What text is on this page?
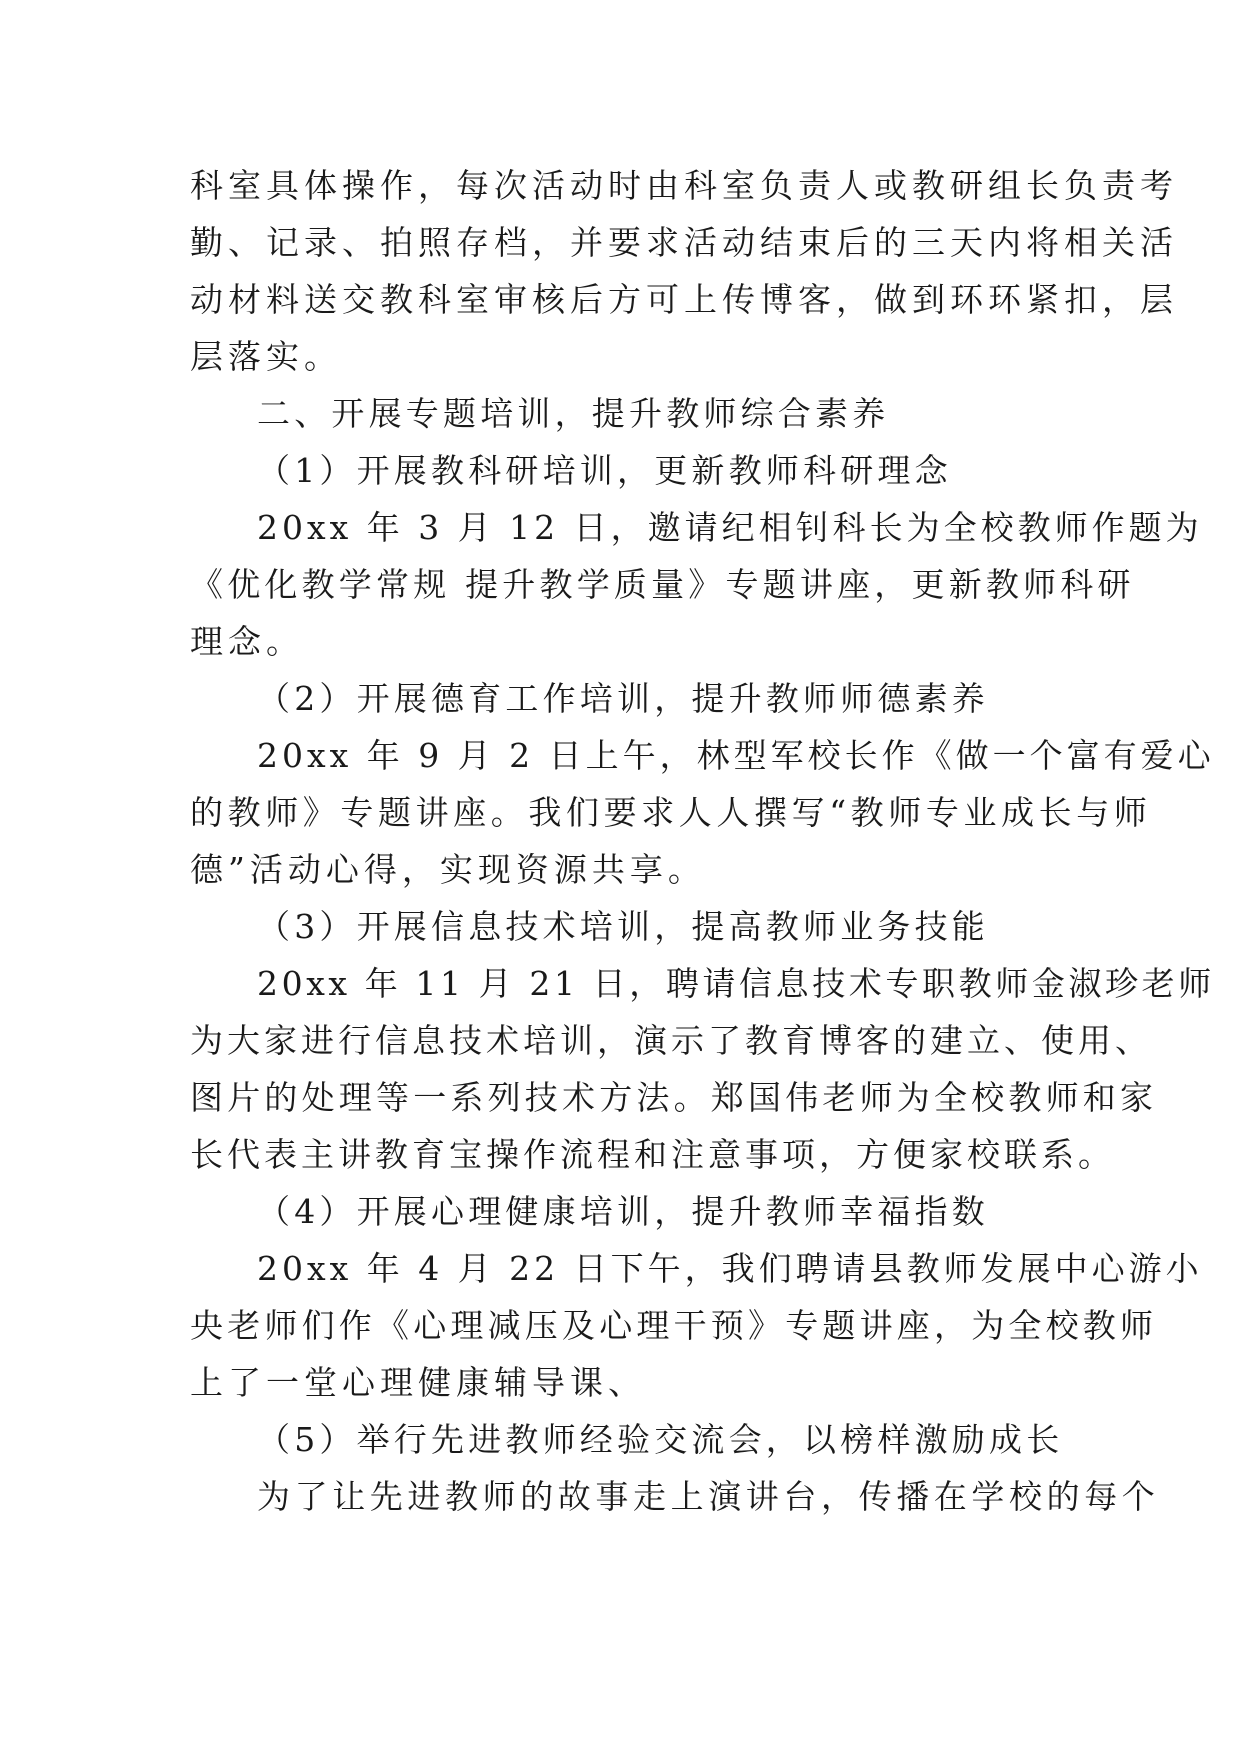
科室具体操作，每次活动时由科室负责人或教研组长负责考
勤、记录、拍照存档，并要求活动结束后的三天内将相关活
动材料送交教科室审核后方可上传博客，做到环环紧扣，层
层落实。
二、开展专题培训，提升教师综合素养
（1）开展教科研培训，更新教师科研理念
20xx 年 3 月 12 日，邀请纪相钊科长为全校教师作题为
《优化教学常规 提升教学质量》专题讲座，更新教师科研
理念。
（2）开展德育工作培训，提升教师师德素养
20xx 年 9 月 2 日上午，林型军校长作《做一个富有爱心
的教师》专题讲座。我们要求人人撰写“教师专业成长与师
德”活动心得，实现资源共享。
（3）开展信息技术培训，提高教师业务技能
20xx 年 11 月 21 日，聘请信息技术专职教师金淑珍老师
为大家进行信息技术培训，演示了教育博客的建立、使用、
图片的处理等一系列技术方法。郑国伟老师为全校教师和家
长代表主讲教育宝操作流程和注意事项，方便家校联系。
（4）开展心理健康培训，提升教师幸福指数
20xx 年 4 月 22 日下午，我们聘请县教师发展中心游小
央老师们作《心理减压及心理干预》专题讲座，为全校教师
上了一堂心理健康辅导课、
（5）举行先进教师经验交流会，以榜样激励成长
为了让先进教师的故事走上演讲台，传播在学校的每个
